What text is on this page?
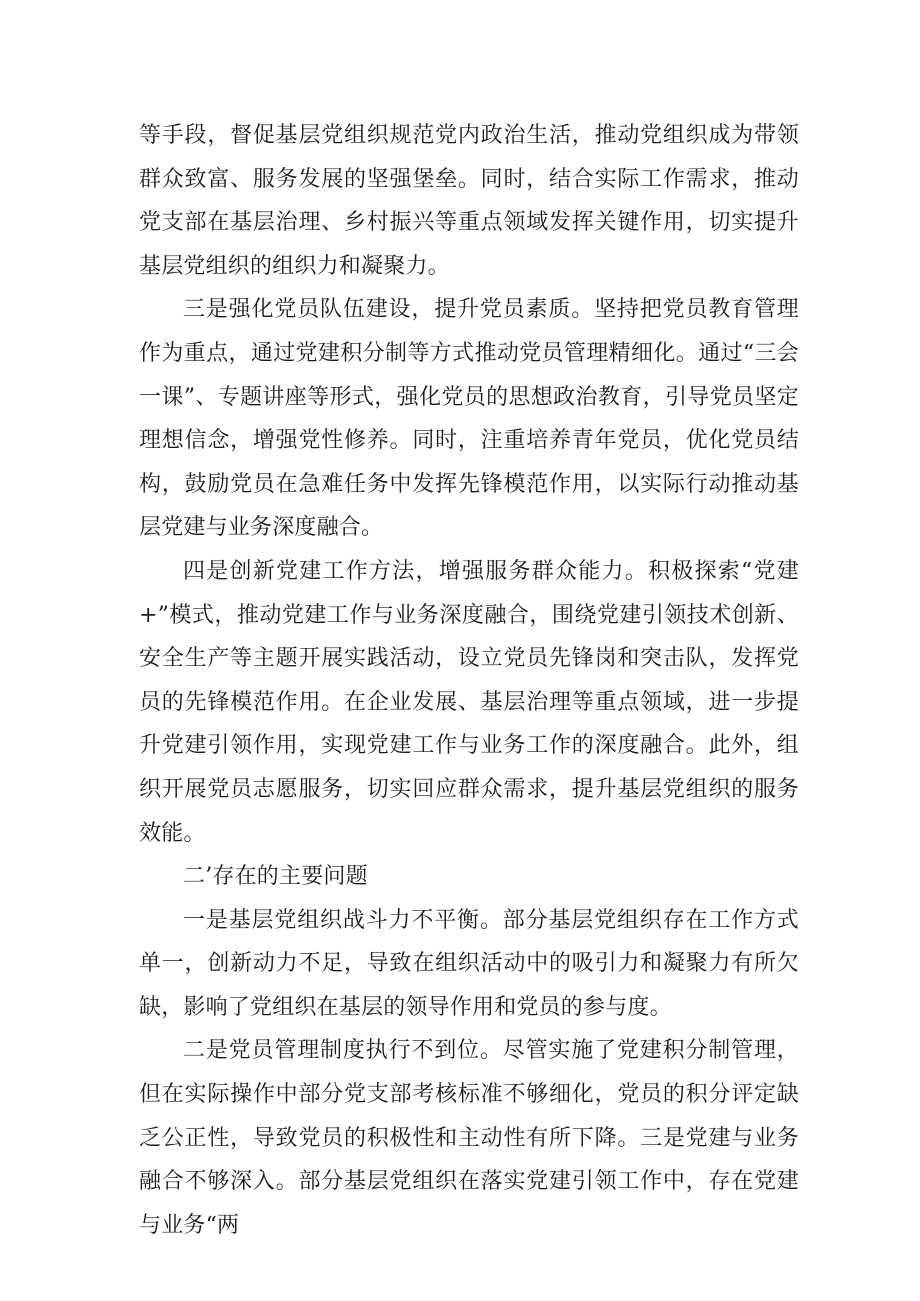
等手段，督促基层党组织规范党内政治生活，推动党组织成为带领群众致富、服务发展的坚强堡垒。同时，结合实际工作需求，推动党支部在基层治理、乡村振兴等重点领域发挥关键作用，切实提升基层党组织的组织力和凝聚力。

三是强化党员队伍建设，提升党员素质。坚持把党员教育管理作为重点，通过党建积分制等方式推动党员管理精细化。通过“三会一课”、专题讲座等形式，强化党员的思想政治教育，引导党员坚定理想信念，增强党性修养。同时，注重培养青年党员，优化党员结构，鼓励党员在急难任务中发挥先锋模范作用，以实际行动推动基层党建与业务深度融合。

四是创新党建工作方法，增强服务群众能力。积极探索“党建+”模式，推动党建工作与业务深度融合，围绕党建引领技术创新、安全生产等主题开展实践活动，设立党员先锋岗和突击队，发挥党员的先锋模范作用。在企业发展、基层治理等重点领域，进一步提升党建引领作用，实现党建工作与业务工作的深度融合。此外，组织开展党员志愿服务，切实回应群众需求，提升基层党组织的服务效能。

二’存在的主要问题

一是基层党组织战斗力不平衡。部分基层党组织存在工作方式单一，创新动力不足，导致在组织活动中的吸引力和凝聚力有所欠缺，影响了党组织在基层的领导作用和党员的参与度。

二是党员管理制度执行不到位。尽管实施了党建积分制管理，但在实际操作中部分党支部考核标准不够细化，党员的积分评定缺乏公正性，导致党员的积极性和主动性有所下降。三是党建与业务融合不够深入。部分基层党组织在落实党建引领工作中，存在党建与业务“两
